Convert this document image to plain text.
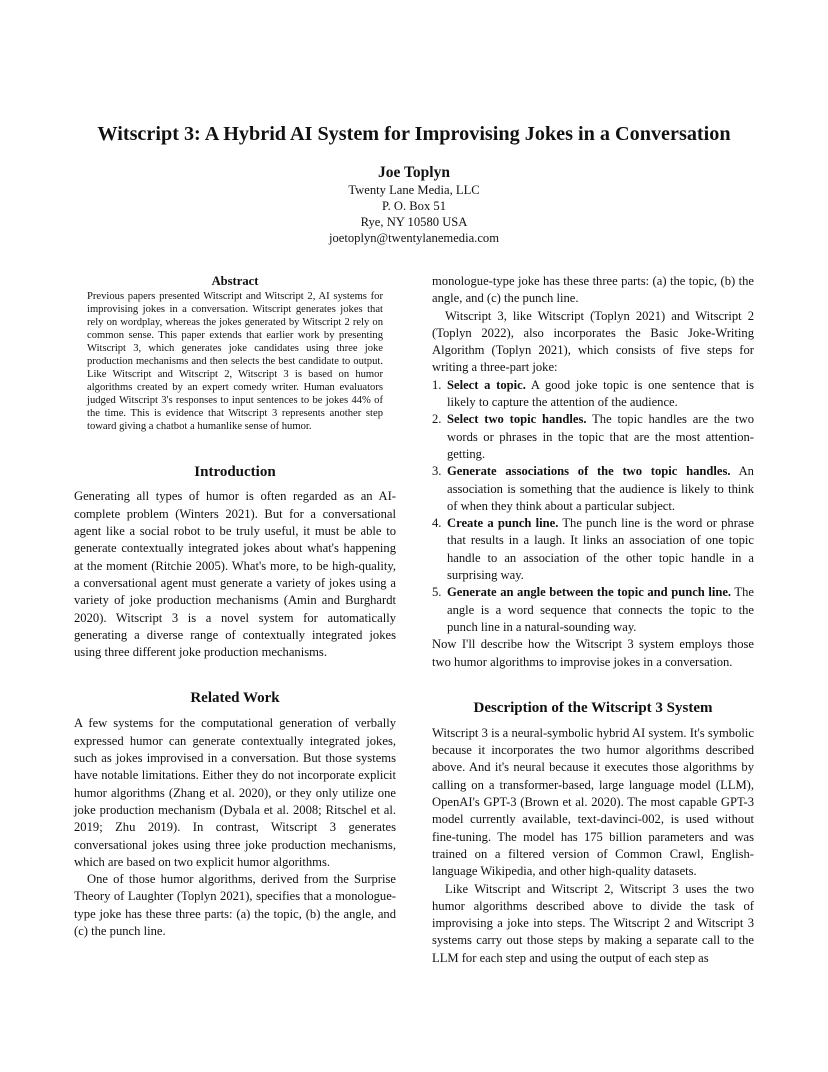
Witscript 3: A Hybrid AI System for Improvising Jokes in a Conversation
Joe Toplyn
Twenty Lane Media, LLC
P. O. Box 51
Rye, NY 10580 USA
joetoplyn@twentylanemedia.com
Abstract

Previous papers presented Witscript and Witscript 2, AI systems for improvising jokes in a conversation. Witscript generates jokes that rely on wordplay, whereas the jokes generated by Witscript 2 rely on common sense. This paper extends that earlier work by presenting Witscript 3, which generates joke candidates using three joke production mechanisms and then selects the best candidate to output. Like Witscript and Witscript 2, Witscript 3 is based on humor algorithms created by an expert comedy writer. Human evaluators judged Witscript 3's responses to input sentences to be jokes 44% of the time. This is evidence that Witscript 3 represents another step toward giving a chatbot a humanlike sense of humor.

Introduction

Generating all types of humor is often regarded as an AI-complete problem (Winters 2021). But for a conversational agent like a social robot to be truly useful, it must be able to generate contextually integrated jokes about what's happening at the moment (Ritchie 2005). What's more, to be high-quality, a conversational agent must generate a variety of jokes using a variety of joke production mechanisms (Amin and Burghardt 2020). Witscript 3 is a novel system for automatically generating a diverse range of contextually integrated jokes using three different joke production mechanisms.

Related Work

A few systems for the computational generation of verbally expressed humor can generate contextually integrated jokes, such as jokes improvised in a conversation. But those systems have notable limitations. Either they do not incorporate explicit humor algorithms (Zhang et al. 2020), or they only utilize one joke production mechanism (Dybala et al. 2008; Ritschel et al. 2019; Zhu 2019). In contrast, Witscript 3 generates conversational jokes using three joke production mechanisms, which are based on two explicit humor algorithms.

One of those humor algorithms, derived from the Surprise Theory of Laughter (Toplyn 2021), specifies that a monologue-type joke has these three parts: (a) the topic, (b) the angle, and (c) the punch line.

monologue-type joke has these three parts: (a) the topic, (b) the angle, and (c) the punch line.

Witscript 3, like Witscript (Toplyn 2021) and Witscript 2 (Toplyn 2022), also incorporates the Basic Joke-Writing Algorithm (Toplyn 2021), which consists of five steps for writing a three-part joke:

1. Select a topic. A good joke topic is one sentence that is likely to capture the attention of the audience.
2. Select two topic handles. The topic handles are the two words or phrases in the topic that are the most attention-getting.
3. Generate associations of the two topic handles. An association is something that the audience is likely to think of when they think about a particular subject.
4. Create a punch line. The punch line is the word or phrase that results in a laugh. It links an association of one topic handle to an association of the other topic handle in a surprising way.
5. Generate an angle between the topic and punch line. The angle is a word sequence that connects the topic to the punch line in a natural-sounding way.

Now I'll describe how the Witscript 3 system employs those two humor algorithms to improvise jokes in a conversation.

Description of the Witscript 3 System

Witscript 3 is a neural-symbolic hybrid AI system. It's symbolic because it incorporates the two humor algorithms described above. And it's neural because it executes those algorithms by calling on a transformer-based, large language model (LLM), OpenAI's GPT-3 (Brown et al. 2020). The most capable GPT-3 model currently available, text-davinci-002, is used without fine-tuning. The model has 175 billion parameters and was trained on a filtered version of Common Crawl, English-language Wikipedia, and other high-quality datasets.

Like Witscript and Witscript 2, Witscript 3 uses the two humor algorithms described above to divide the task of improvising a joke into steps. The Witscript 2 and Witscript 3 systems carry out those steps by making a separate call to the LLM for each step and using the output of each step as
